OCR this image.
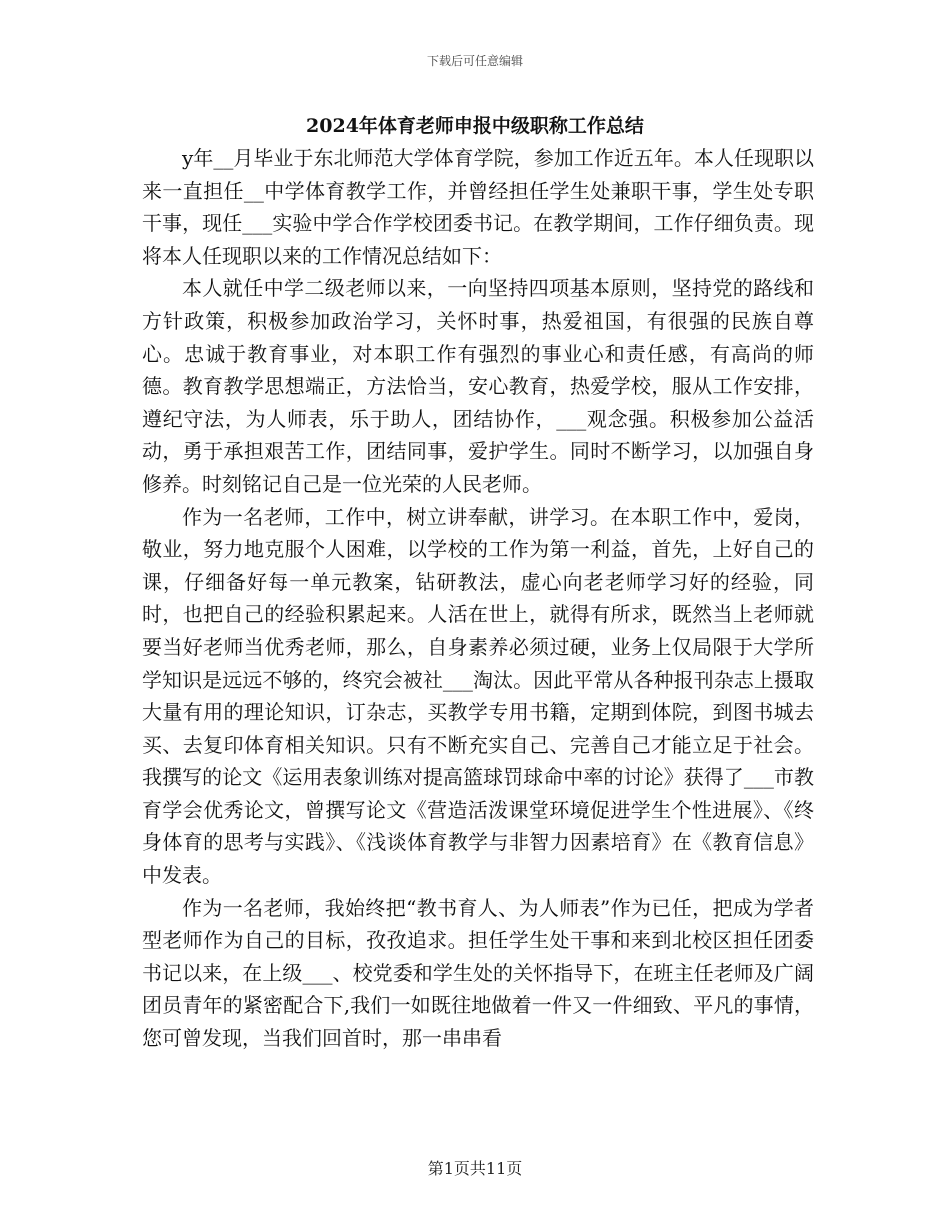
下载后可任意编辑
2024年体育老师申报中级职称工作总结

y年__月毕业于东北师范大学体育学院，参加工作近五年。本人任现职以来一直担任__中学体育教学工作，并曾经担任学生处兼职干事，学生处专职干事，现任___实验中学合作学校团委书记。在教学期间，工作仔细负责。现将本人任现职以来的工作情况总结如下：

本人就任中学二级老师以来，一向坚持四项基本原则，坚持党的路线和方针政策，积极参加政治学习，关怀时事，热爱祖国，有很强的民族自尊心。忠诚于教育事业，对本职工作有强烈的事业心和责任感，有高尚的师德。教育教学思想端正，方法恰当，安心教育，热爱学校，服从工作安排，遵纪守法，为人师表，乐于助人，团结协作，___观念强。积极参加公益活动，勇于承担艰苦工作，团结同事，爱护学生。同时不断学习，以加强自身修养。时刻铭记自己是一位光荣的人民老师。

作为一名老师，工作中，树立讲奉献，讲学习。在本职工作中，爱岗，敬业，努力地克服个人困难，以学校的工作为第一利益，首先，上好自己的课，仔细备好每一单元教案，钻研教法，虚心向老老师学习好的经验，同时，也把自己的经验积累起来。人活在世上，就得有所求，既然当上老师就要当好老师当优秀老师，那么，自身素养必须过硬，业务上仅局限于大学所学知识是远远不够的，终究会被社___淘汰。因此平常从各种报刊杂志上摄取大量有用的理论知识，订杂志，买教学专用书籍，定期到体院，到图书城去买、去复印体育相关知识。只有不断充实自己、完善自己才能立足于社会。我撰写的论文《运用表象训练对提高篮球罚球命中率的讨论》获得了___市教育学会优秀论文，曾撰写论文《营造活泼课堂环境促进学生个性进展》、《终身体育的思考与实践》、《浅谈体育教学与非智力因素培育》在《教育信息》中发表。

作为一名老师，我始终把“教书育人、为人师表”作为已任，把成为学者型老师作为自己的目标，孜孜追求。担任学生处干事和来到北校区担任团委书记以来，在上级___、校党委和学生处的关怀指导下，在班主任老师及广阔团员青年的紧密配合下,我们一如既往地做着一件又一件细致、平凡的事情，您可曾发现，当我们回首时，那一串串看

第1页共11页
